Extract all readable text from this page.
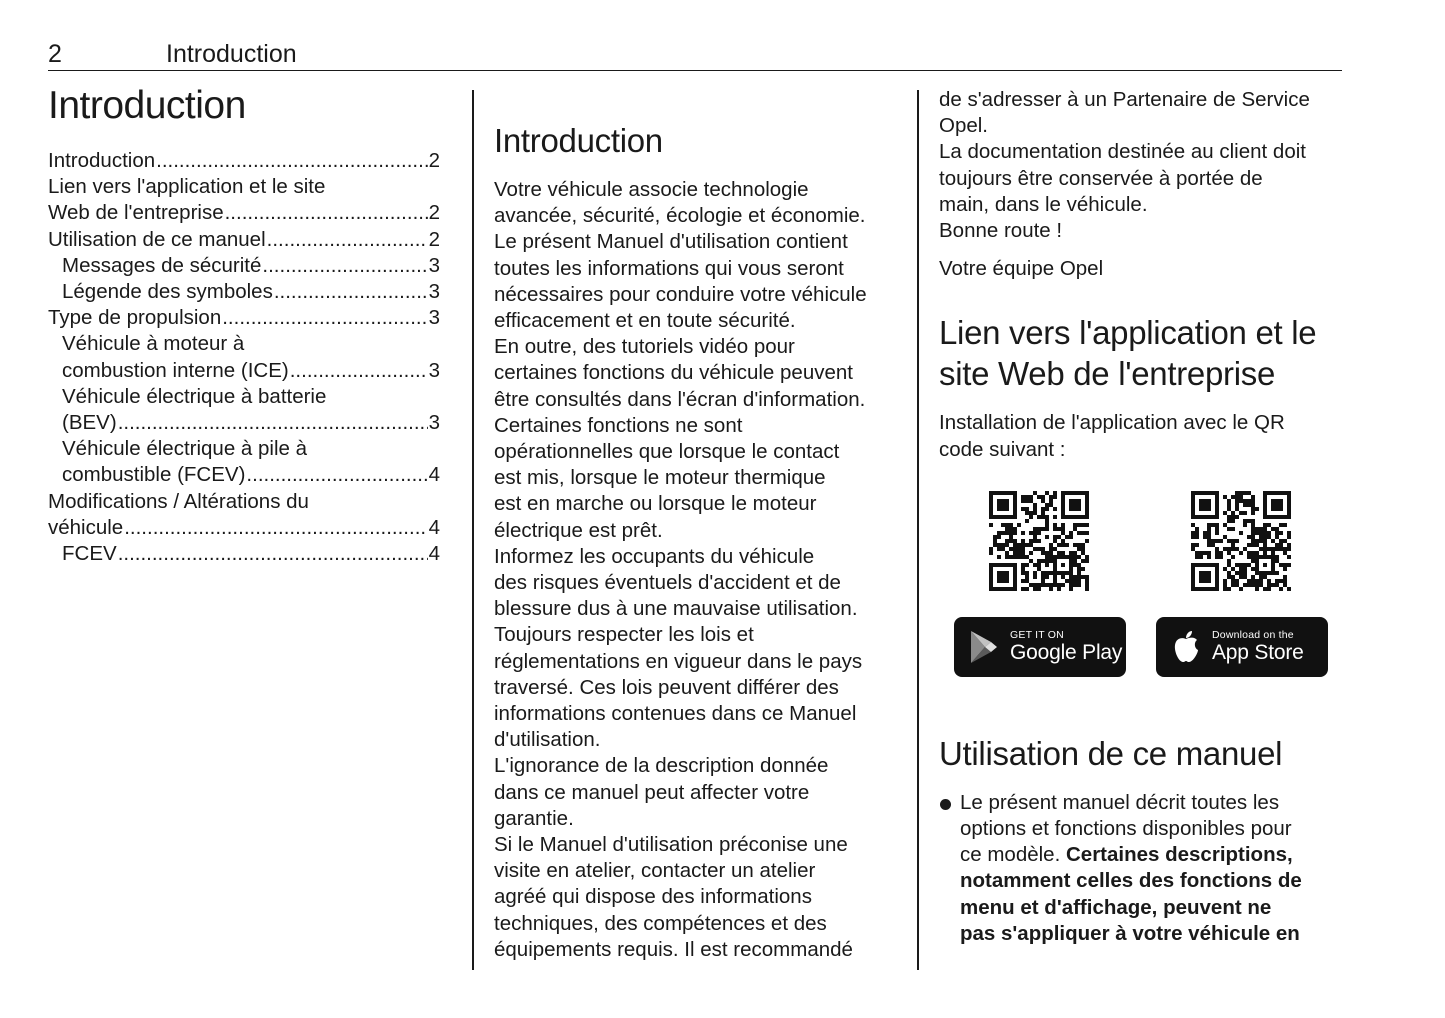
2	Introduction
Introduction
Introduction .....	2
Lien vers l'application et le site
Web de l'entreprise .....	2
Utilisation de ce manuel .....	2
Messages de sécurité .....	3
Légende des symboles .....	3
Type de propulsion .....	3
Véhicule à moteur à
combustion interne (ICE) .....	3
Véhicule électrique à batterie
(BEV) .....	3
Véhicule électrique à pile à
combustible (FCEV) .....	4
Modifications / Altérations du
véhicule .....	4
FCEV .....	4
Introduction

Votre véhicule associe technologie

avancée, sécurité, écologie et économie.

Le présent Manuel d'utilisation contient

toutes les informations qui vous seront

nécessaires pour conduire votre véhicule

efficacement et en toute sécurité.

En outre, des tutoriels vidéo pour

certaines fonctions du véhicule peuvent

être consultés dans l'écran d'information.

Certaines fonctions ne sont

opérationnelles que lorsque le contact

est mis, lorsque le moteur thermique

est en marche ou lorsque le moteur

électrique est prêt.

Informez les occupants du véhicule

des risques éventuels d'accident et de

blessure dus à une mauvaise utilisation.

Toujours respecter les lois et

réglementations en vigueur dans le pays

traversé. Ces lois peuvent différer des

informations contenues dans ce Manuel

d'utilisation.

L'ignorance de la description donnée

dans ce manuel peut affecter votre

garantie.

Si le Manuel d'utilisation préconise une

visite en atelier, contacter un atelier

agréé qui dispose des informations

techniques, des compétences et des

équipements requis. Il est recommandé

de s'adresser à un Partenaire de Service

Opel.

La documentation destinée au client doit

toujours être conservée à portée de

main, dans le véhicule.

Bonne route !

Votre équipe Opel

Lien vers l'application et le
site Web de l'entreprise

Installation de l'application avec le QR
code suivant :

GET IT ON
Google Play
Download on the
App Store
Utilisation de ce manuel
Le présent manuel décrit toutes les
options et fonctions disponibles pour
ce modèle. Certaines descriptions,
notamment celles des fonctions de
menu et d'affichage, peuvent ne
pas s'appliquer à votre véhicule en
